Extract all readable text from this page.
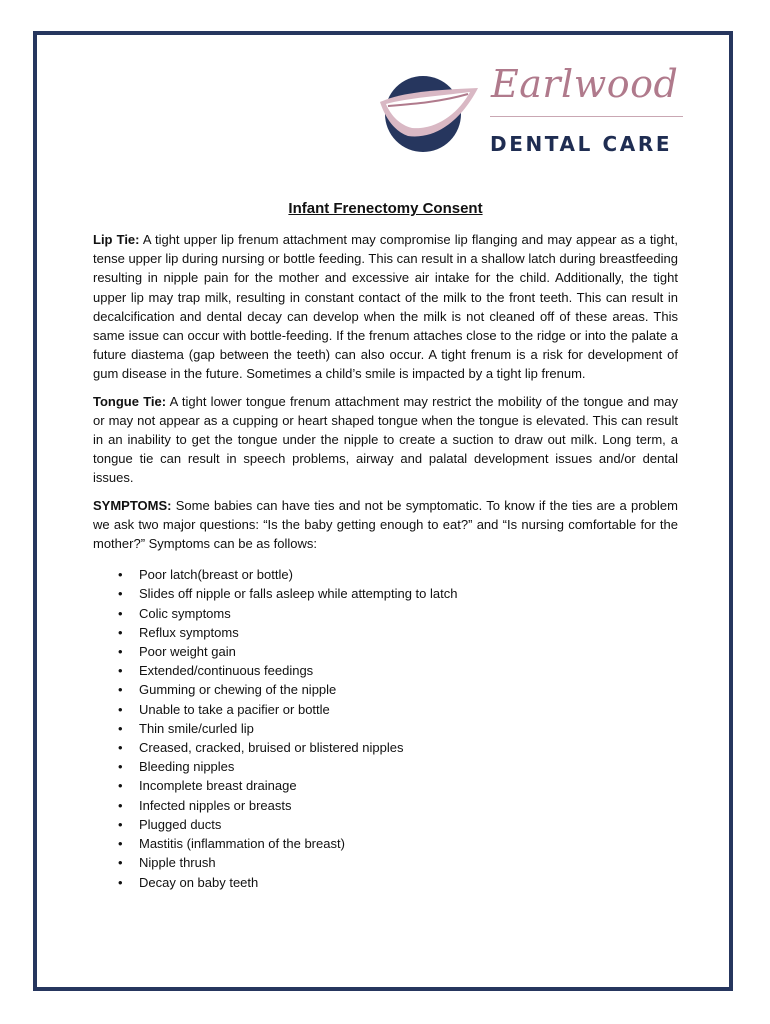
Earlwood
DENTAL CARE
Infant Frenectomy Consent

Lip Tie: A tight upper lip frenum attachment may compromise lip flanging and may appear as a tight, tense upper lip during nursing or bottle feeding. This can result in a shallow latch during breastfeeding resulting in nipple pain for the mother and excessive air intake for the child. Additionally, the tight upper lip may trap milk, resulting in constant contact of the milk to the front teeth. This can result in decalcification and dental decay can develop when the milk is not cleaned off of these areas. This same issue can occur with bottle-feeding. If the frenum attaches close to the ridge or into the palate a future diastema (gap between the teeth) can also occur. A tight frenum is a risk for development of gum disease in the future. Sometimes a child’s smile is impacted by a tight lip frenum.

Tongue Tie: A tight lower tongue frenum attachment may restrict the mobility of the tongue and may or may not appear as a cupping or heart shaped tongue when the tongue is elevated. This can result in an inability to get the tongue under the nipple to create a suction to draw out milk. Long term, a tongue tie can result in speech problems, airway and palatal development issues and/or dental issues.

SYMPTOMS: Some babies can have ties and not be symptomatic. To know if the ties are a problem we ask two major questions: “Is the baby getting enough to eat?” and “Is nursing comfortable for the mother?” Symptoms can be as follows:

• Poor latch(breast or bottle)
• Slides off nipple or falls asleep while attempting to latch
• Colic symptoms
• Reflux symptoms
• Poor weight gain
• Extended/continuous feedings
• Gumming or chewing of the nipple
• Unable to take a pacifier or bottle
• Thin smile/curled lip
• Creased, cracked, bruised or blistered nipples
• Bleeding nipples
• Incomplete breast drainage
• Infected nipples or breasts
• Plugged ducts
• Mastitis (inflammation of the breast)
• Nipple thrush
• Decay on baby teeth
